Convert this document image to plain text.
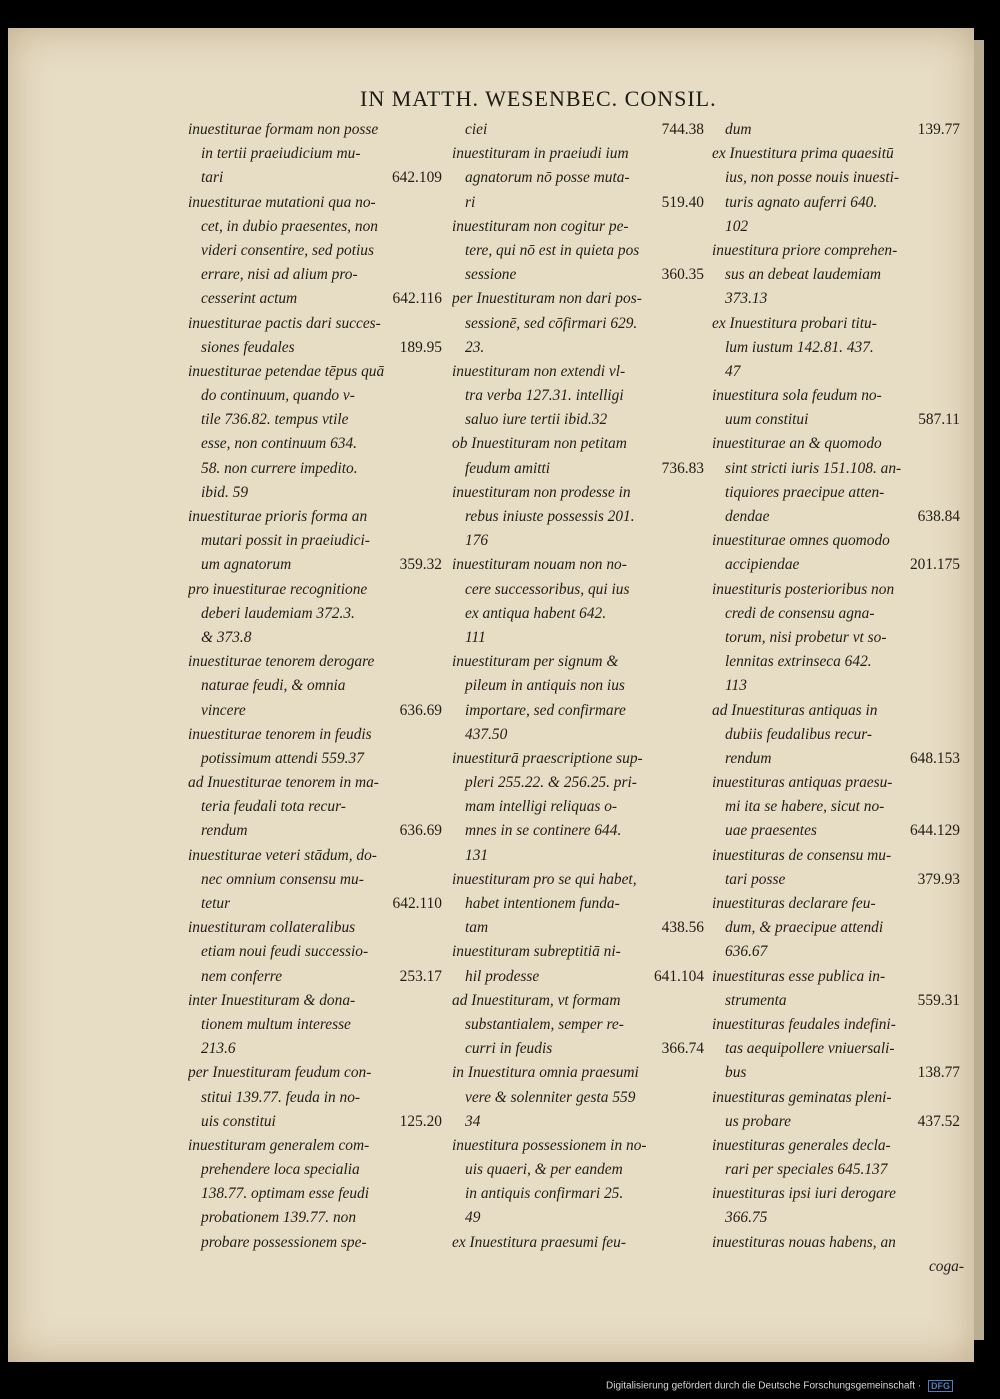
IN MATTH. WESENBEC. CONSIL.
inuestiturae formam non posse
in tertii praeiudicium mu-
642.109
tari
inuestiturae mutationi qua no-
cet, in dubio praesentes, non
videri consentire, sed potius
errare, nisi ad alium pro-
642.116
cesserint actum
inuestiturae pactis dari succes-
189.95
siones feudales
inuestiturae petendae tēpus quā
do continuum, quando v-
tile 736.82. tempus vtile
esse, non continuum 634.
58. non currere impedito.
ibid. 59
inuestiturae prioris forma an
mutari possit in praeiudici-
359.32
um agnatorum
pro inuestiturae recognitione
deberi laudemiam 372.3.
& 373.8
inuestiturae tenorem derogare
naturae feudi, & omnia
636.69
vincere
inuestiturae tenorem in feudis
potissimum attendi 559.37
ad Inuestiturae tenorem in ma-
teria feudali tota recur-
636.69
rendum
inuestiturae veteri stādum, do-
nec omnium consensu mu-
642.110
tetur
inuestituram collateralibus
etiam noui feudi successio-
253.17
nem conferre
inter Inuestituram & dona-
tionem multum interesse
213.6
per Inuestituram feudum con-
stitui 139.77. feuda in no-
125.20
uis constitui
inuestituram generalem com-
prehendere loca specialia
138.77. optimam esse feudi
probationem 139.77. non
probare possessionem spe-
744.38
ciei
inuestituram in praeiudi ium
agnatorum nō posse muta-
519.40
ri
inuestituram non cogitur pe-
tere, qui nō est in quieta pos
360.35
sessione
per Inuestituram non dari pos-
sessionē, sed cōfirmari 629.
23.
inuestituram non extendi vl-
tra verba 127.31. intelligi
saluo iure tertii ibid.32
ob Inuestituram non petitam
736.83
feudum amitti
inuestituram non prodesse in
rebus iniuste possessis 201.
176
inuestituram nouam non no-
cere successoribus, qui ius
ex antiqua habent 642.
111
inuestituram per signum &
pileum in antiquis non ius
importare, sed confirmare
437.50
inuestiturā praescriptione sup-
pleri 255.22. & 256.25. pri-
mam intelligi reliquas o-
mnes in se continere 644.
131
inuestituram pro se qui habet,
habet intentionem funda-
438.56
tam
inuestituram subreptitiā ni-
641.104
hil prodesse
ad Inuestituram, vt formam
substantialem, semper re-
366.74
curri in feudis
in Inuestitura omnia praesumi
vere & solenniter gesta 559
34
inuestitura possessionem in no-
uis quaeri, & per eandem
in antiquis confirmari 25.
49
ex Inuestitura praesumi feu-
139.77
dum
ex Inuestitura prima quaesitū
ius, non posse nouis inuesti-
turis agnato auferri 640.
102
inuestitura priore comprehen-
sus an debeat laudemiam
373.13
ex Inuestitura probari titu-
lum iustum 142.81. 437.
47
inuestitura sola feudum no-
587.11
uum constitui
inuestiturae an & quomodo
sint stricti iuris 151.108. an-
tiquiores praecipue atten-
638.84
dendae
inuestiturae omnes quomodo
201.175
accipiendae
inuestituris posterioribus non
credi de consensu agna-
torum, nisi probetur vt so-
lennitas extrinseca 642.
113
ad Inuestituras antiquas in
dubiis feudalibus recur-
648.153
rendum
inuestituras antiquas praesu-
mi ita se habere, sicut no-
644.129
uae praesentes
inuestituras de consensu mu-
379.93
tari posse
inuestituras declarare feu-
dum, & praecipue attendi
636.67
inuestituras esse publica in-
559.31
strumenta
inuestituras feudales indefini-
tas aequipollere vniuersali-
138.77
bus
inuestituras geminatas pleni-
437.52
us probare
inuestituras generales decla-
rari per speciales 645.137
inuestituras ipsi iuri derogare
366.75
inuestituras nouas habens, an
coga-
Digitalisierung gefördert durch die Deutsche Forschungsgemeinschaft · DFG
